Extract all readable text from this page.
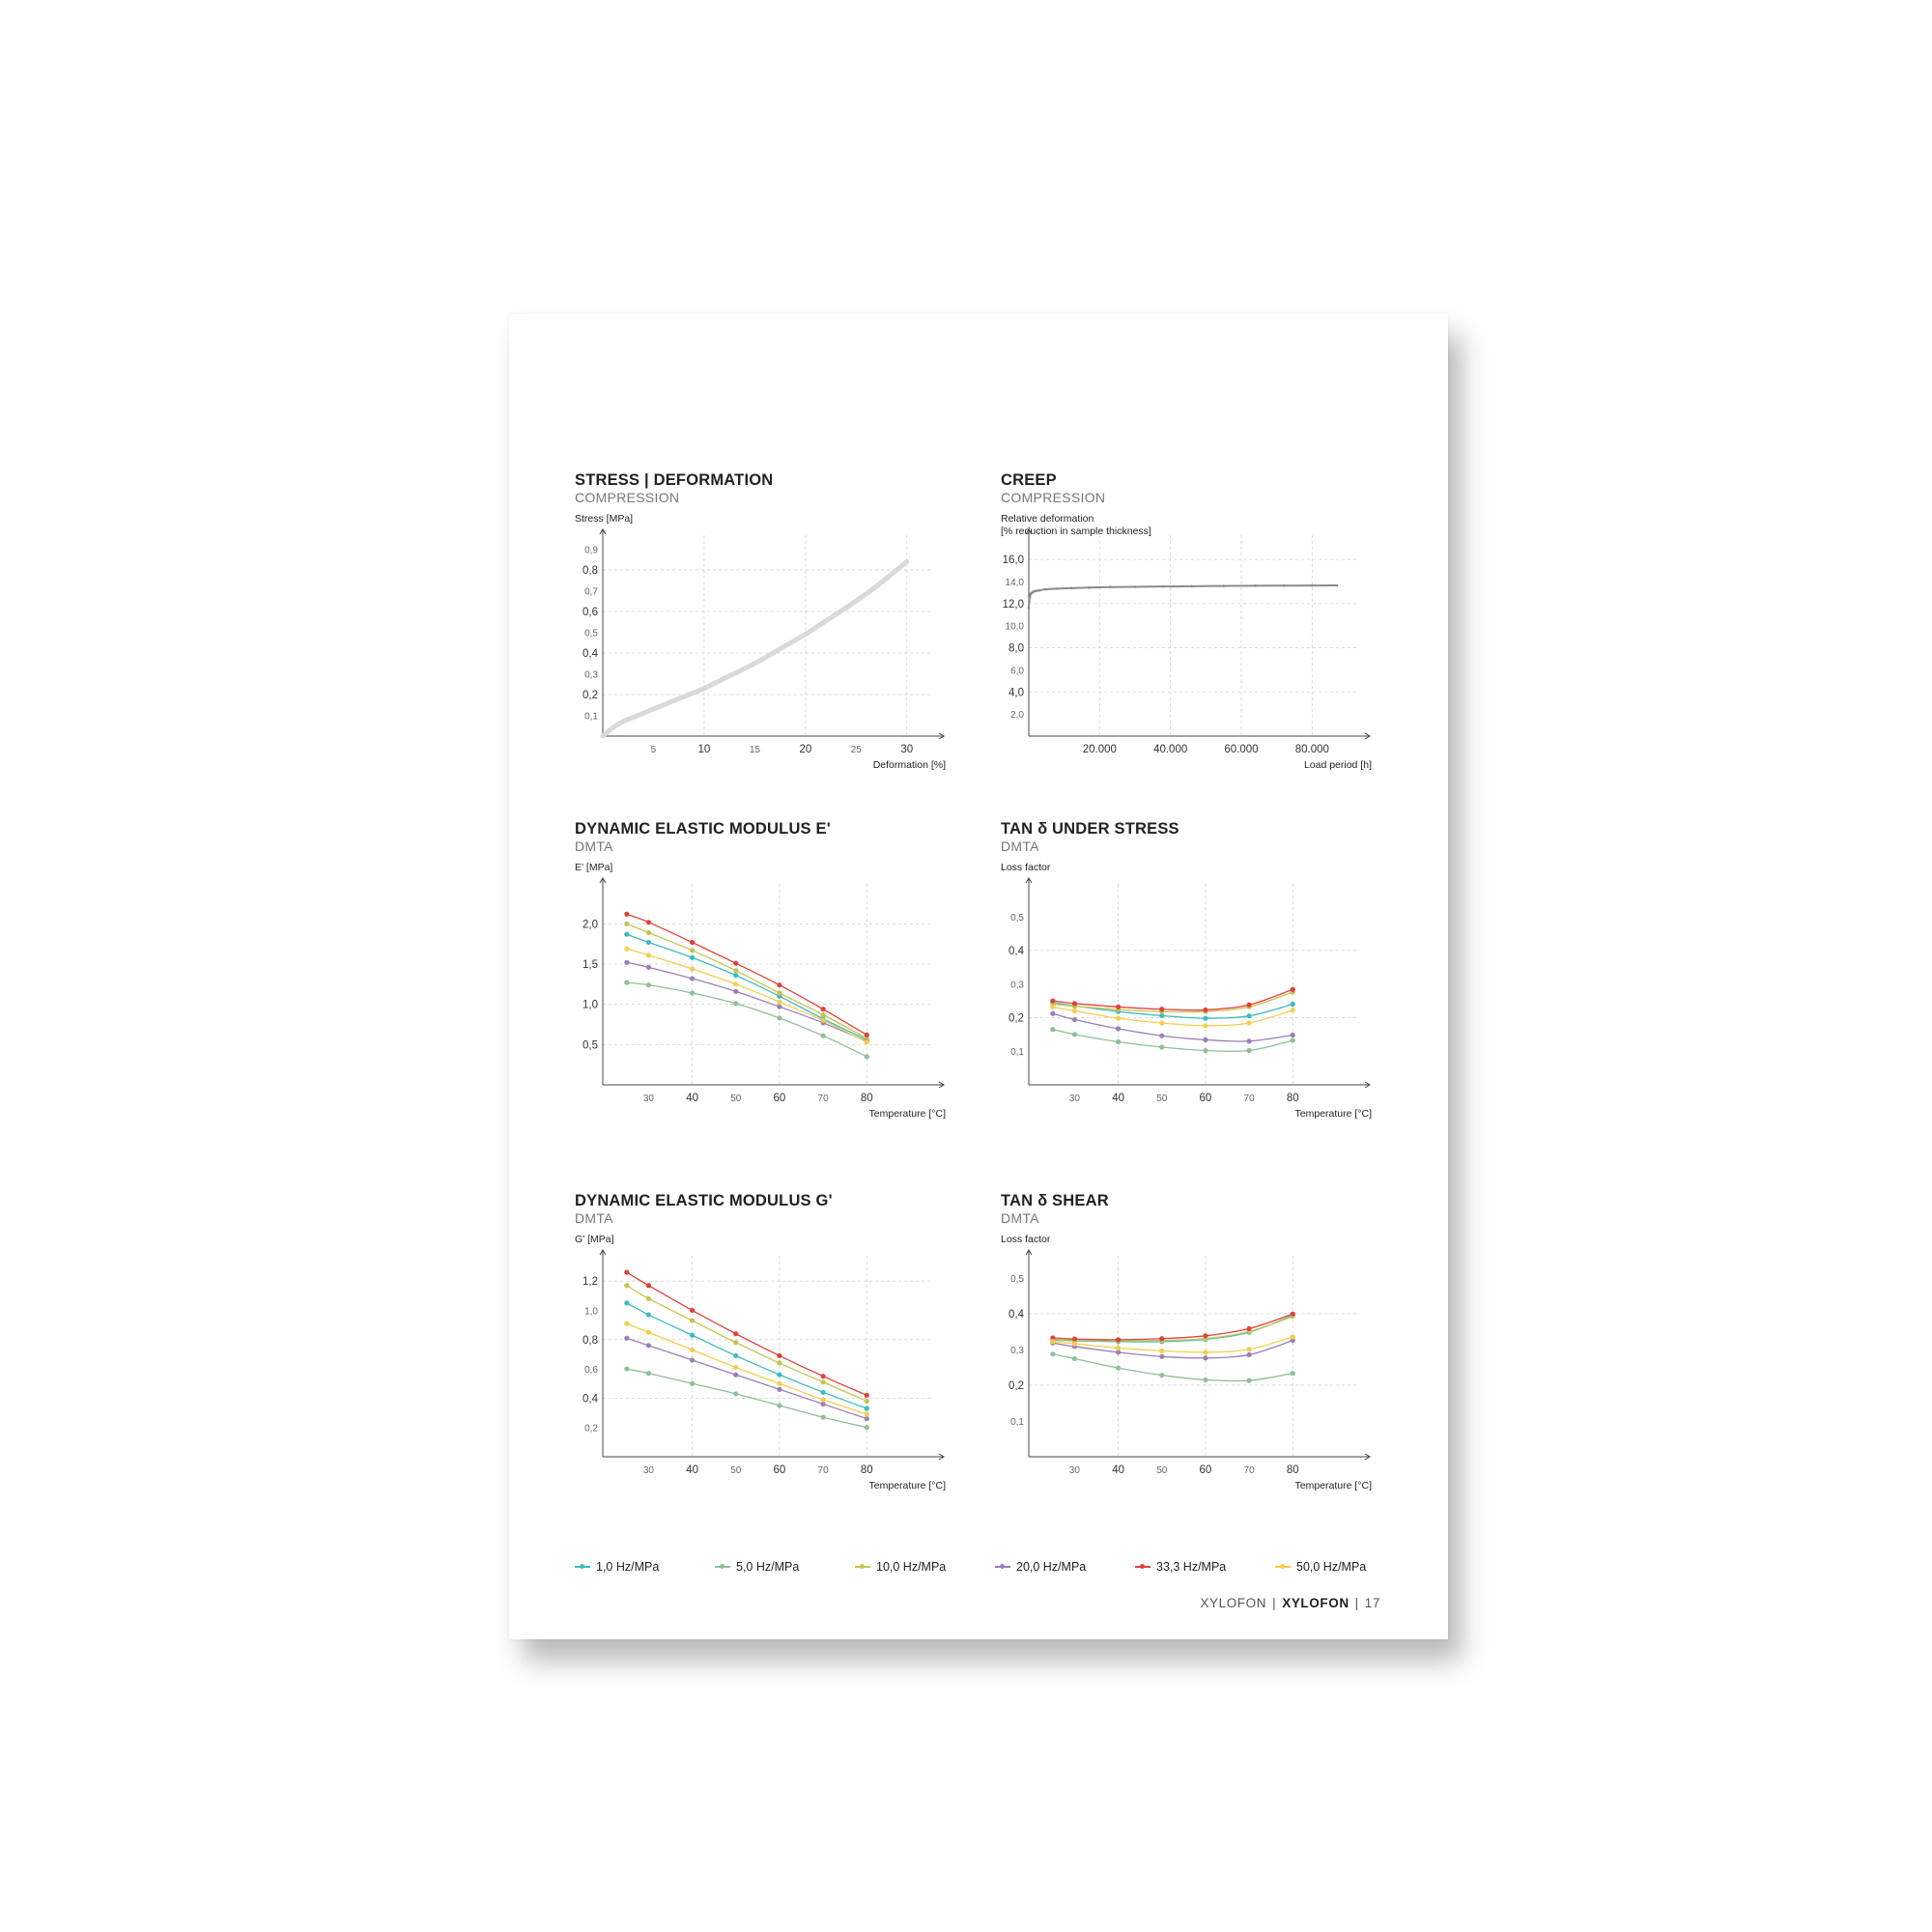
STRESS | DEFORMATION
COMPRESSION
Stress [MPa]
5	10	15	20	25	30
0,1
0,2
0,3
0,4
0,5
0,6
0,7
0,8
0,9
Deformation [%]
CREEP
COMPRESSION
Relative deformation
[% reduction in sample thickness]
20.000	40.000	60.000	80.000
2,0
4,0
6,0
8,0
10,0
12,0
14,0
16,0
Load period [h]
DYNAMIC ELASTIC MODULUS E'
DMTA
E' [MPa]
30	40	50	60	70	80
0,5
1,0
1,5
2,0
Temperature [°C]
TAN δ UNDER STRESS
DMTA
Loss factor
30	40	50	60	70	80
0,1
0,2
0,3
0,4
0,5
Temperature [°C]
DYNAMIC ELASTIC MODULUS G'
DMTA
G' [MPa]
30	40	50	60	70	80
0,2
0,4
0,6
0,8
1,0
1,2
Temperature [°C]
TAN δ SHEAR
DMTA
Loss factor
30	40	50	60	70	80
0,1
0,2
0,3
0,4
0,5
Temperature [°C]
1,0 Hz/MPa	5,0 Hz/MPa	10,0 Hz/MPa	20,0 Hz/MPa	33,3 Hz/MPa	50,0 Hz/MPa
XYLOFON | XYLOFON | 17
